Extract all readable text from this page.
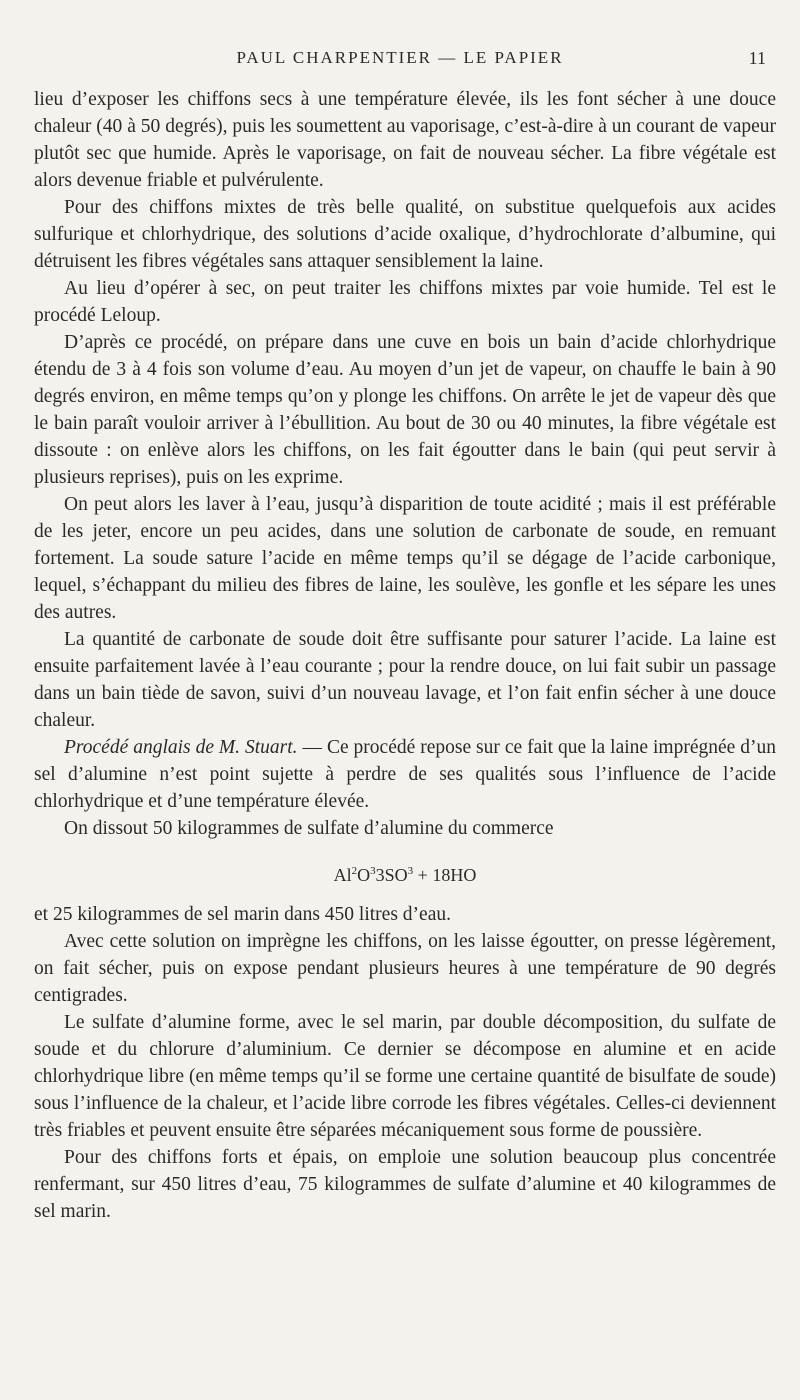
PAUL CHARPENTIER — LE PAPIER	11

lieu d’exposer les chiffons secs à une température élevée, ils les font sécher à une douce chaleur (40 à 50 degrés), puis les soumettent au vaporisage, c’est-à-dire à un courant de vapeur plutôt sec que humide. Après le vaporisage, on fait de nouveau sécher. La fibre végétale est alors devenue friable et pulvérulente.

Pour des chiffons mixtes de très belle qualité, on substitue quelquefois aux acides sulfurique et chlorhydrique, des solutions d’acide oxalique, d’hydrochlorate d’albumine, qui détruisent les fibres végétales sans attaquer sensiblement la laine.

Au lieu d’opérer à sec, on peut traiter les chiffons mixtes par voie humide. Tel est le procédé Leloup.

D’après ce procédé, on prépare dans une cuve en bois un bain d’acide chlorhydrique étendu de 3 à 4 fois son volume d’eau. Au moyen d’un jet de vapeur, on chauffe le bain à 90 degrés environ, en même temps qu’on y plonge les chiffons. On arrête le jet de vapeur dès que le bain paraît vouloir arriver à l’ébullition. Au bout de 30 ou 40 minutes, la fibre végétale est dissoute : on enlève alors les chiffons, on les fait égoutter dans le bain (qui peut servir à plusieurs reprises), puis on les exprime.

On peut alors les laver à l’eau, jusqu’à disparition de toute acidité ; mais il est préférable de les jeter, encore un peu acides, dans une solution de carbonate de soude, en remuant fortement. La soude sature l’acide en même temps qu’il se dégage de l’acide carbonique, lequel, s’échappant du milieu des fibres de laine, les soulève, les gonfle et les sépare les unes des autres.

La quantité de carbonate de soude doit être suffisante pour saturer l’acide. La laine est ensuite parfaitement lavée à l’eau courante ; pour la rendre douce, on lui fait subir un passage dans un bain tiède de savon, suivi d’un nouveau lavage, et l’on fait enfin sécher à une douce chaleur.

Procédé anglais de M. Stuart. — Ce procédé repose sur ce fait que la laine imprégnée d’un sel d’alumine n’est point sujette à perdre de ses qualités sous l’influence de l’acide chlorhydrique et d’une température élevée.

On dissout 50 kilogrammes de sulfate d’alumine du commerce

$Al^2O^33SO^3 + 18HO$

et 25 kilogrammes de sel marin dans 450 litres d’eau.

Avec cette solution on imprègne les chiffons, on les laisse égoutter, on presse légèrement, on fait sécher, puis on expose pendant plusieurs heures à une température de 90 degrés centigrades.

Le sulfate d’alumine forme, avec le sel marin, par double décomposition, du sulfate de soude et du chlorure d’aluminium. Ce dernier se décompose en alumine et en acide chlorhydrique libre (en même temps qu’il se forme une certaine quantité de bisulfate de soude) sous l’influence de la chaleur, et l’acide libre corrode les fibres végétales. Celles-ci deviennent très friables et peuvent ensuite être séparées mécaniquement sous forme de poussière.

Pour des chiffons forts et épais, on emploie une solution beaucoup plus concentrée renfermant, sur 450 litres d’eau, 75 kilogrammes de sulfate d’alumine et 40 kilogrammes de sel marin.
